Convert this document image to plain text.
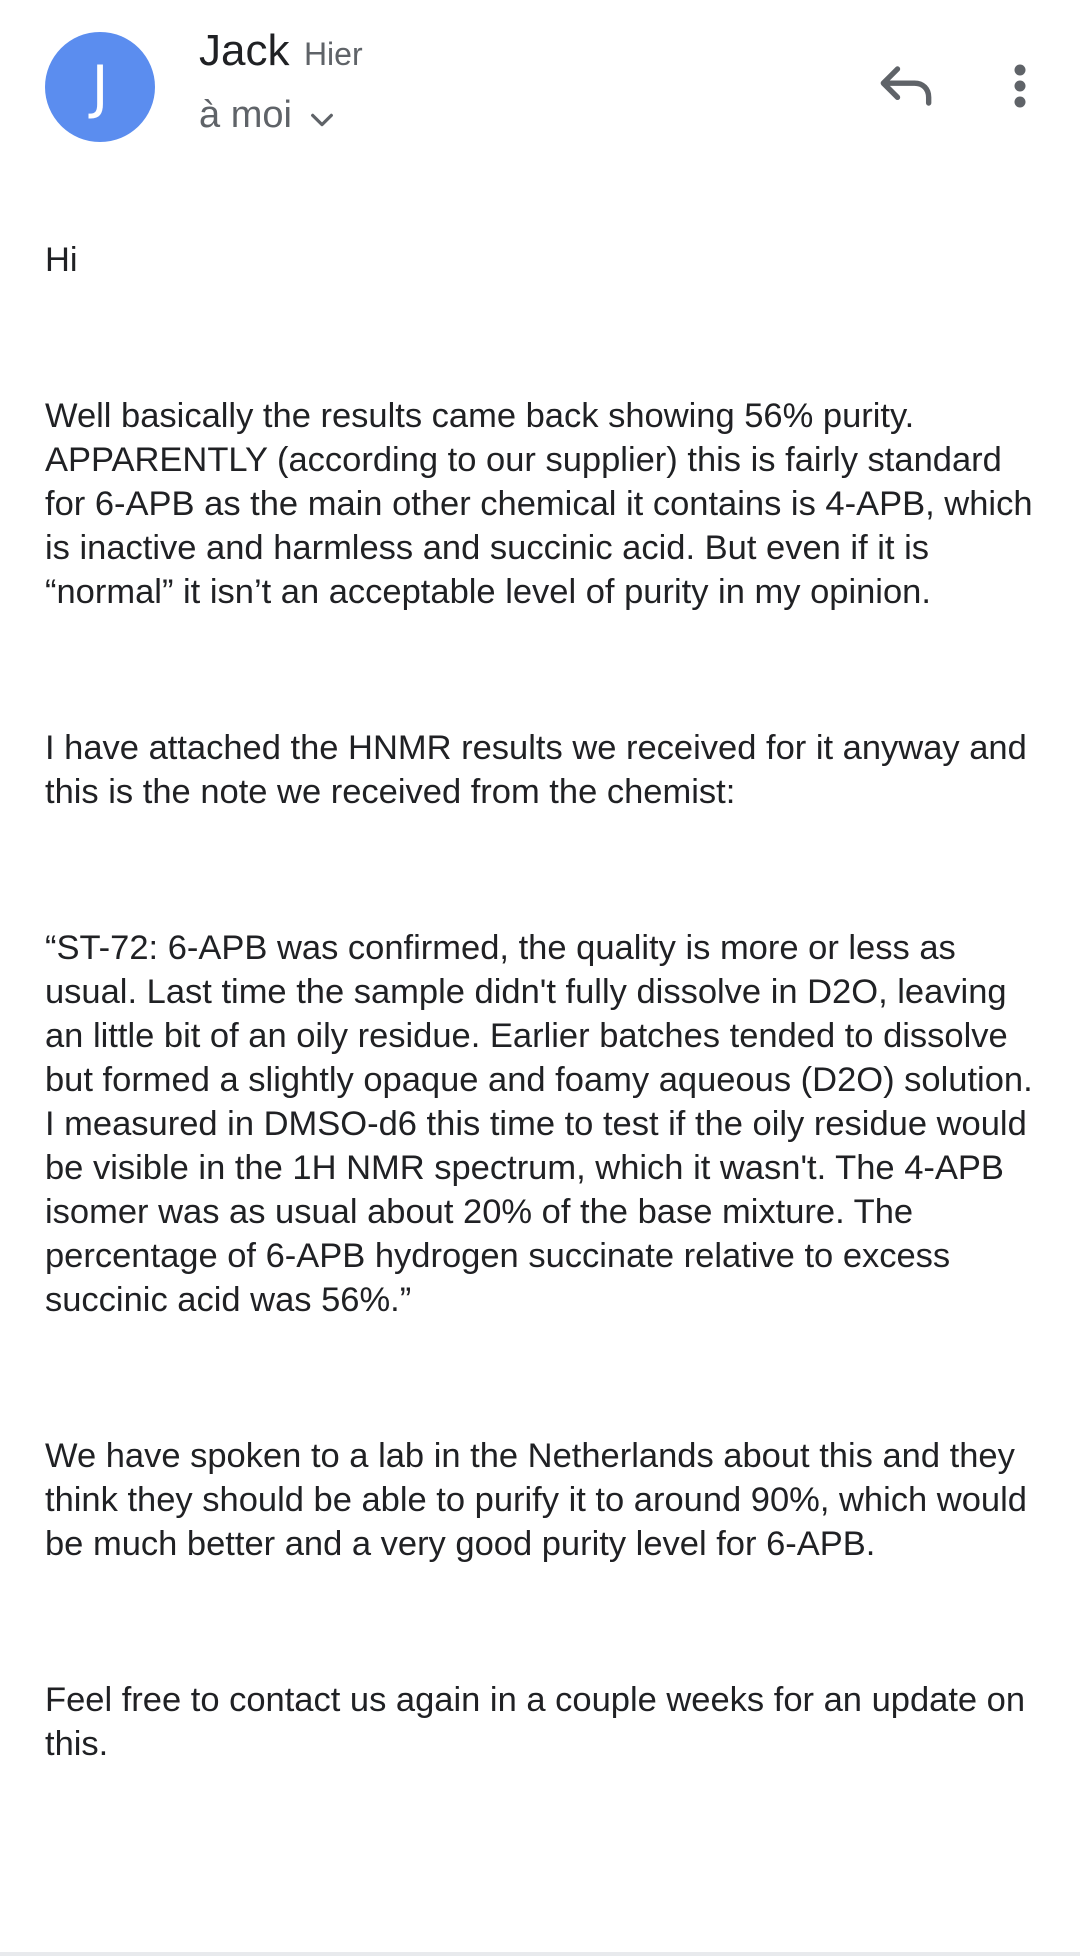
J
Jack Hier
à moi

Hi

Well basically the results came back showing 56% purity. APPARENTLY (according to our supplier) this is fairly standard for 6-APB as the main other chemical it contains is 4-APB, which is inactive and harmless and succinic acid. But even if it is “normal” it isn’t an acceptable level of purity in my opinion.

I have attached the HNMR results we received for it anyway and this is the note we received from the chemist:

“ST-72: 6-APB was confirmed, the quality is more or less as usual. Last time the sample didn't fully dissolve in D2O, leaving an little bit of an oily residue. Earlier batches tended to dissolve but formed a slightly opaque and foamy aqueous (D2O) solution. I measured in DMSO-d6 this time to test if the oily residue would be visible in the 1H NMR spectrum, which it wasn't. The 4-APB isomer was as usual about 20% of the base mixture. The percentage of 6-APB hydrogen succinate relative to excess succinic acid was 56%.”

We have spoken to a lab in the Netherlands about this and they think they should be able to purify it to around 90%, which would be much better and a very good purity level for 6-APB.

Feel free to contact us again in a couple weeks for an update on this.
